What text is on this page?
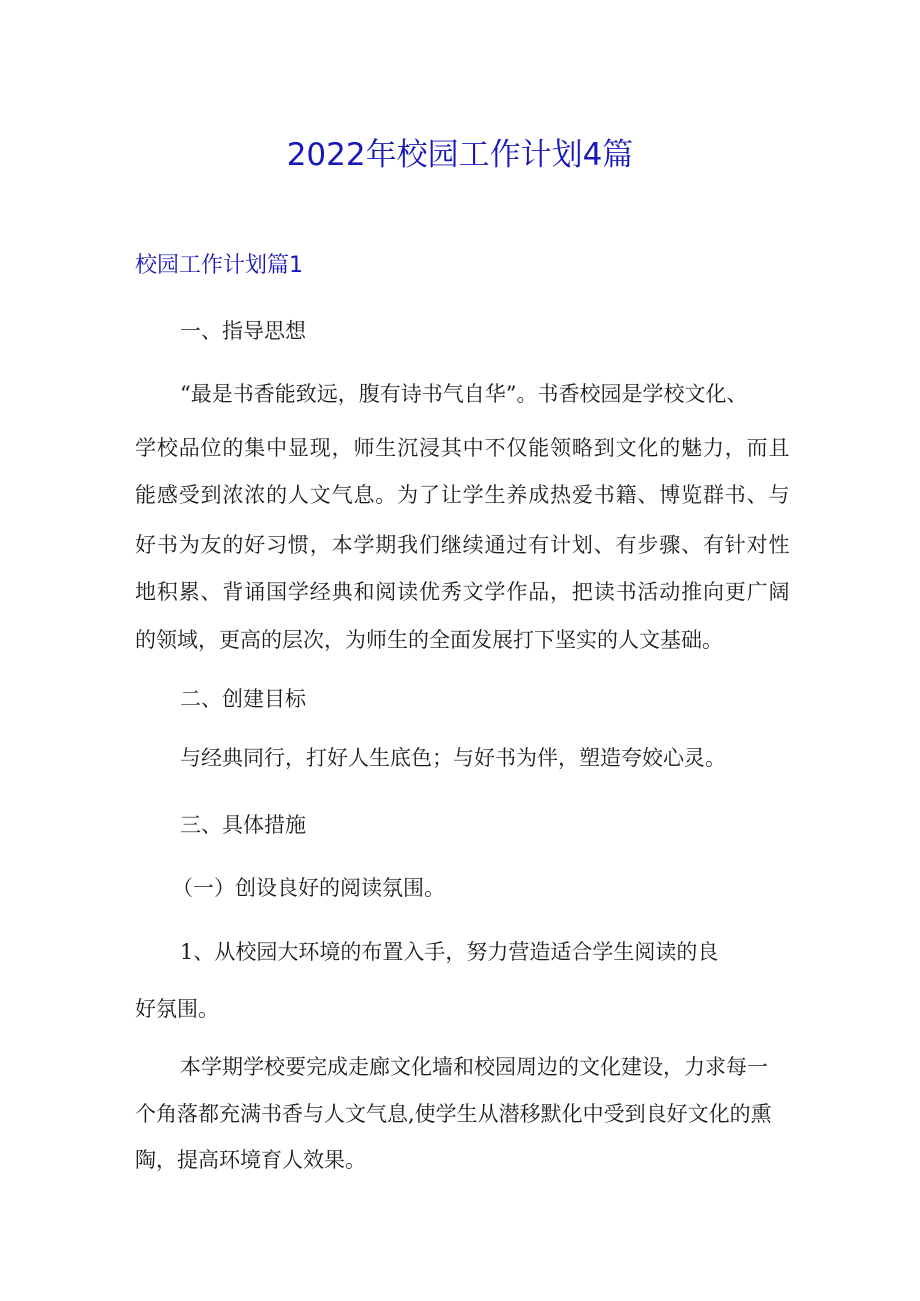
2022年校园工作计划4篇
校园工作计划篇1

一、指导思想

“最是书香能致远，腹有诗书气自华”。书香校园是学校文化、

学校品位的集中显现，师生沉浸其中不仅能领略到文化的魅力，而且

能感受到浓浓的人文气息。为了让学生养成热爱书籍、博览群书、与

好书为友的好习惯，本学期我们继续通过有计划、有步骤、有针对性

地积累、背诵国学经典和阅读优秀文学作品，把读书活动推向更广阔

的领域，更高的层次，为师生的全面发展打下坚实的人文基础。

二、创建目标

与经典同行，打好人生底色；与好书为伴，塑造夸姣心灵。

三、具体措施

（一）创设良好的阅读氛围。

1、从校园大环境的布置入手，努力营造适合学生阅读的良

好氛围。

本学期学校要完成走廊文化墙和校园周边的文化建设，力求每一

个角落都充满书香与人文气息,使学生从潜移默化中受到良好文化的熏

陶，提高环境育人效果。
